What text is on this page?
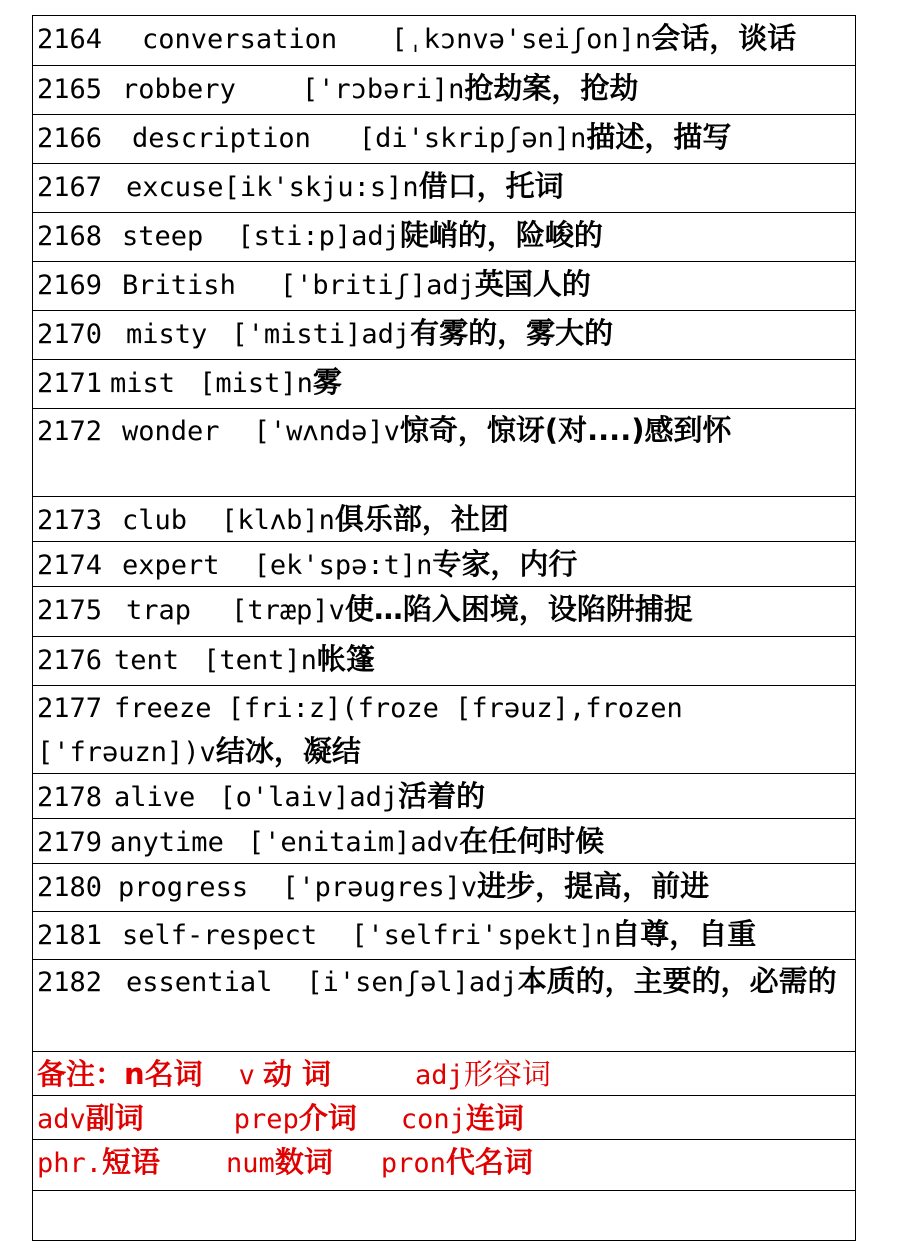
2164 conversation [ˌkɔnvə'seiʃon]n会话，谈话
2165 robbery ['rɔbəri]n抢劫案，抢劫
2166 description [di'skripʃən]n描述，描写
2167 excuse[ik'skju:s]n借口，托词
2168 steep [sti:p]adj陡峭的，险峻的
2169 British ['britiʃ]adj英国人的
2170 misty ['misti]adj有雾的，雾大的
2171 mist [mist]n雾
2172 wonder ['wʌndə]v惊奇，惊讶(对....)感到怀
2173 club [klʌb]n俱乐部，社团
2174 expert [ek'spə:t]n专家，内行
2175 trap [træp]v使…陷入困境，设陷阱捕捉
2176 tent [tent]n帐篷
2177 freeze [fri:z](froze [frəuz],frozen ['frəuzn])v结冰，凝结
2178 alive [o'laiv]adj活着的
2179 anytime ['enitaim]adv在任何时候
2180 progress ['prəugres]v进步，提高，前进
2181 self-respect ['selfri'spekt]n自尊，自重
2182 essential [i'senʃəl]adj本质的，主要的，必需的
备注：n名词 v 动 词	adj形容词
adv副词	prep介词 conj连词
phr.短语 num数词 pron代名词
